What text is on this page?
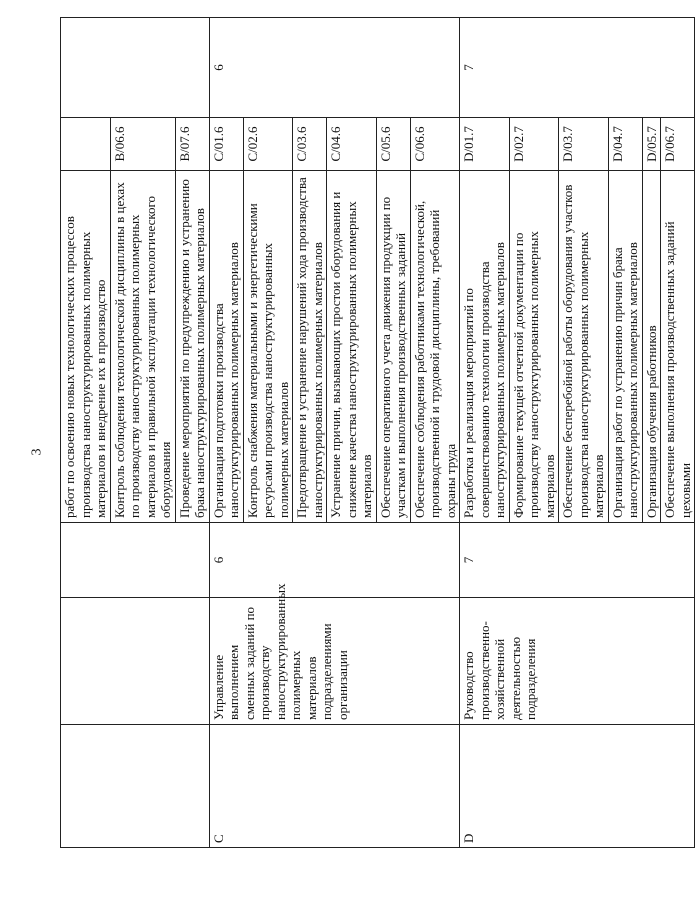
3
			работ по освоению новых технологических процессов производства наноструктурированных полимерных материалов и внедрение их в производство		
			Контроль соблюдения технологической дисциплины в цехах по производству наноструктурированных полимерных материалов и правильной эксплуатации технологического оборудования	B/06.6	
			Проведение мероприятий по предупреждению и устранению брака наноструктурированных полимерных материалов	B/07.6	
C	Управление выполнением сменных заданий по производству наноструктурированных полимерных материалов подразделениями организации	6	Организация подготовки производства наноструктурированных полимерных материалов	C/01.6	6
			Контроль снабжения материальными и энергетическими ресурсами производства наноструктурированных полимерных материалов	C/02.6	
			Предотвращение и устранение нарушений хода производства наноструктурированных полимерных материалов	C/03.6	
			Устранение причин, вызывающих простои оборудования и снижение качества наноструктурированных полимерных материалов	C/04.6	
			Обеспечение оперативного учета движения продукции по участкам и выполнения производственных заданий	C/05.6	
			Обеспечение соблюдения работниками технологической, производственной и трудовой дисциплины, требований охраны труда	C/06.6	
D	Руководство производственно-хозяйственной деятельностью подразделения	7	Разработка и реализация мероприятий по совершенствованию технологии производства наноструктурированных полимерных материалов	D/01.7	7
			Формирование текущей отчетной документации по производству наноструктурированных полимерных материалов	D/02.7	
			Обеспечение бесперебойной работы оборудования участков производства наноструктурированных полимерных материалов	D/03.7	
			Организация работ по устранению причин брака наноструктурированных полимерных материалов	D/04.7	
			Организация обучения работников	D/05.7	
			Обеспечение выполнения производственных заданий цеховыми	D/06.7	
